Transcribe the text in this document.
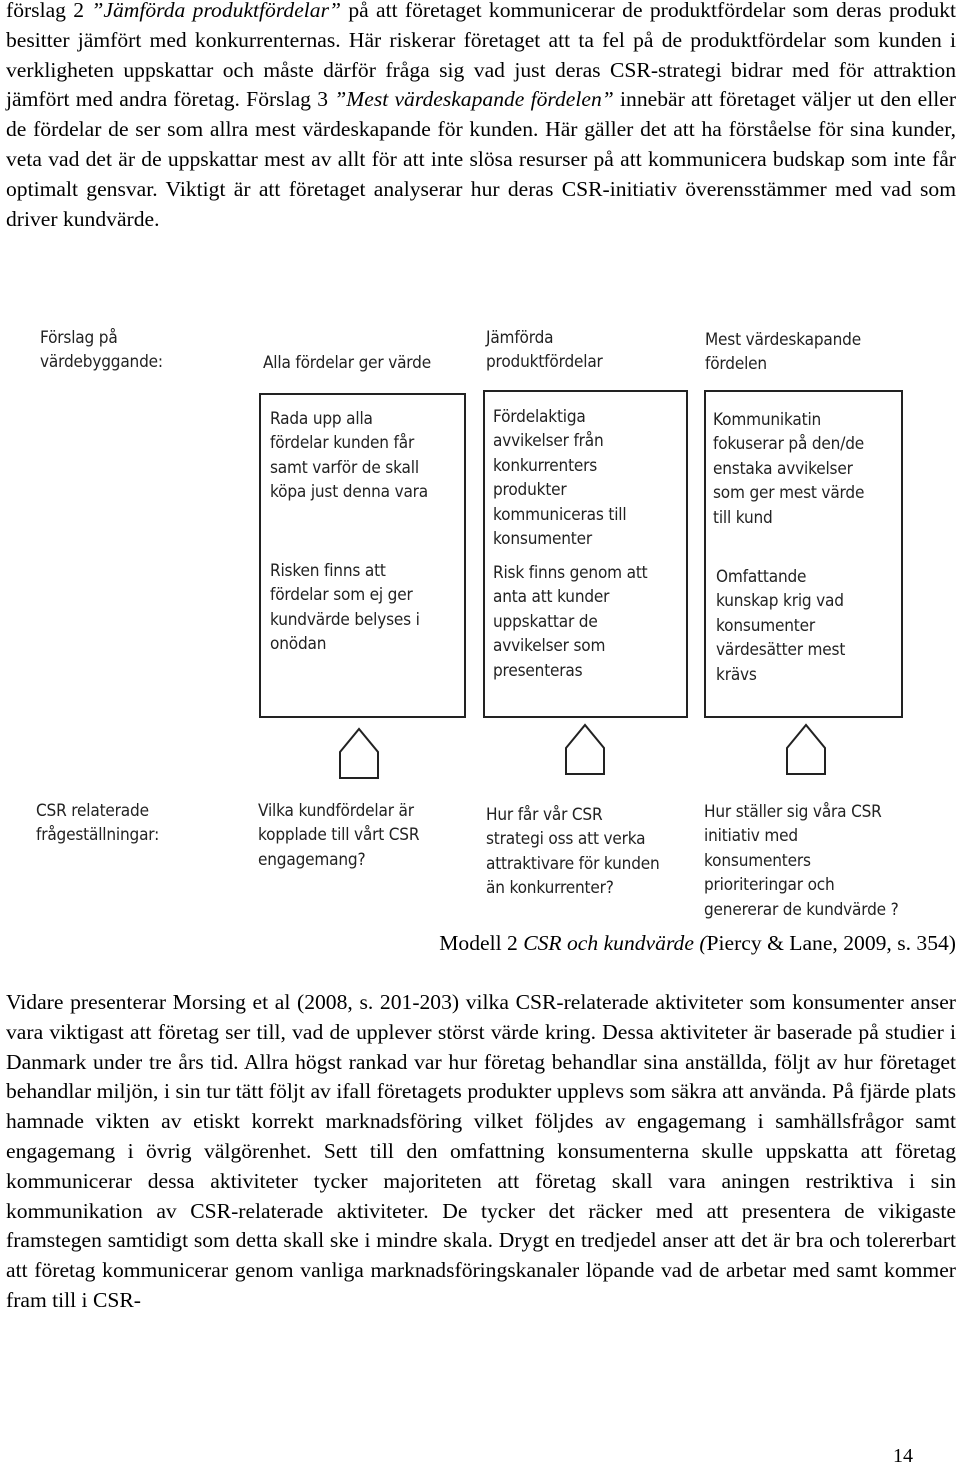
förslag 2 ”Jämförda produktfördelar” på att företaget kommunicerar de produktfördelar som deras produkt besitter jämfört med konkurrenternas. Här riskerar företaget att ta fel på de produktfördelar som kunden i verkligheten uppskattar och måste därför fråga sig vad just deras CSR-strategi bidrar med för attraktion jämfört med andra företag. Förslag 3 ”Mest värdeskapande fördelen” innebär att företaget väljer ut den eller de fördelar de ser som allra mest värdeskapande för kunden. Här gäller det att ha förståelse för sina kunder, veta vad det är de uppskattar mest av allt för att inte slösa resurser på att kommunicera budskap som inte får optimalt gensvar. Viktigt är att företaget analyserar hur deras CSR-initiativ överensstämmer med vad som driver kundvärde.

Förslag på
värdebyggande:	Alla fördelar ger värde

Jämförda
produktfördelar

Mest värdeskapande
fördelen

Rada upp alla
fördelar kunden får
samt varför de skall
köpa just denna vara

Risken finns att
fördelar som ej ger
kundvärde belyses i
onödan

Fördelaktiga
avvikelser från
konkurrenters
produkter
kommuniceras till
konsumenter

Risk finns genom att
anta att kunder
uppskattar de
avvikelser som
presenteras

Kommunikatin
fokuserar på den/de
enstaka avvikelser
som ger mest värde
till kund

Omfattande
kunskap krig vad
konsumenter
värdesätter mest
krävs

CSR relaterade
frågeställningar:

Vilka kundfördelar är
kopplade till vårt CSR
engagemang?

Hur får vår CSR
strategi oss att verka
attraktivare för kunden
än konkurrenter?

Hur ställer sig våra CSR
initiativ med
konsumenters
prioriteringar och
genererar de kundvärde ?

Modell 2 CSR och kundvärde (Piercy & Lane, 2009, s. 354)

Vidare presenterar Morsing et al (2008, s. 201-203) vilka CSR-relaterade aktiviteter som konsumenter anser vara viktigast att företag ser till, vad de upplever störst värde kring. Dessa aktiviteter är baserade på studier i Danmark under tre års tid. Allra högst rankad var hur företag behandlar sina anställda, följt av hur företaget behandlar miljön, i sin tur tätt följt av ifall företagets produkter upplevs som säkra att använda. På fjärde plats hamnade vikten av etiskt korrekt marknadsföring vilket följdes av engagemang i samhällsfrågor samt engagemang i övrig välgörenhet. Sett till den omfattning konsumenterna skulle uppskatta att företag kommunicerar dessa aktiviteter tycker majoriteten att företag skall vara aningen restriktiva i sin kommunikation av CSR-relaterade aktiviteter. De tycker det räcker med att presentera de vikigaste framstegen samtidigt som detta skall ske i mindre skala. Drygt en tredjedel anser att det är bra och tolererbart att företag kommunicerar genom vanliga marknadsföringskanaler löpande vad de arbetar med samt kommer fram till i CSR-

14
